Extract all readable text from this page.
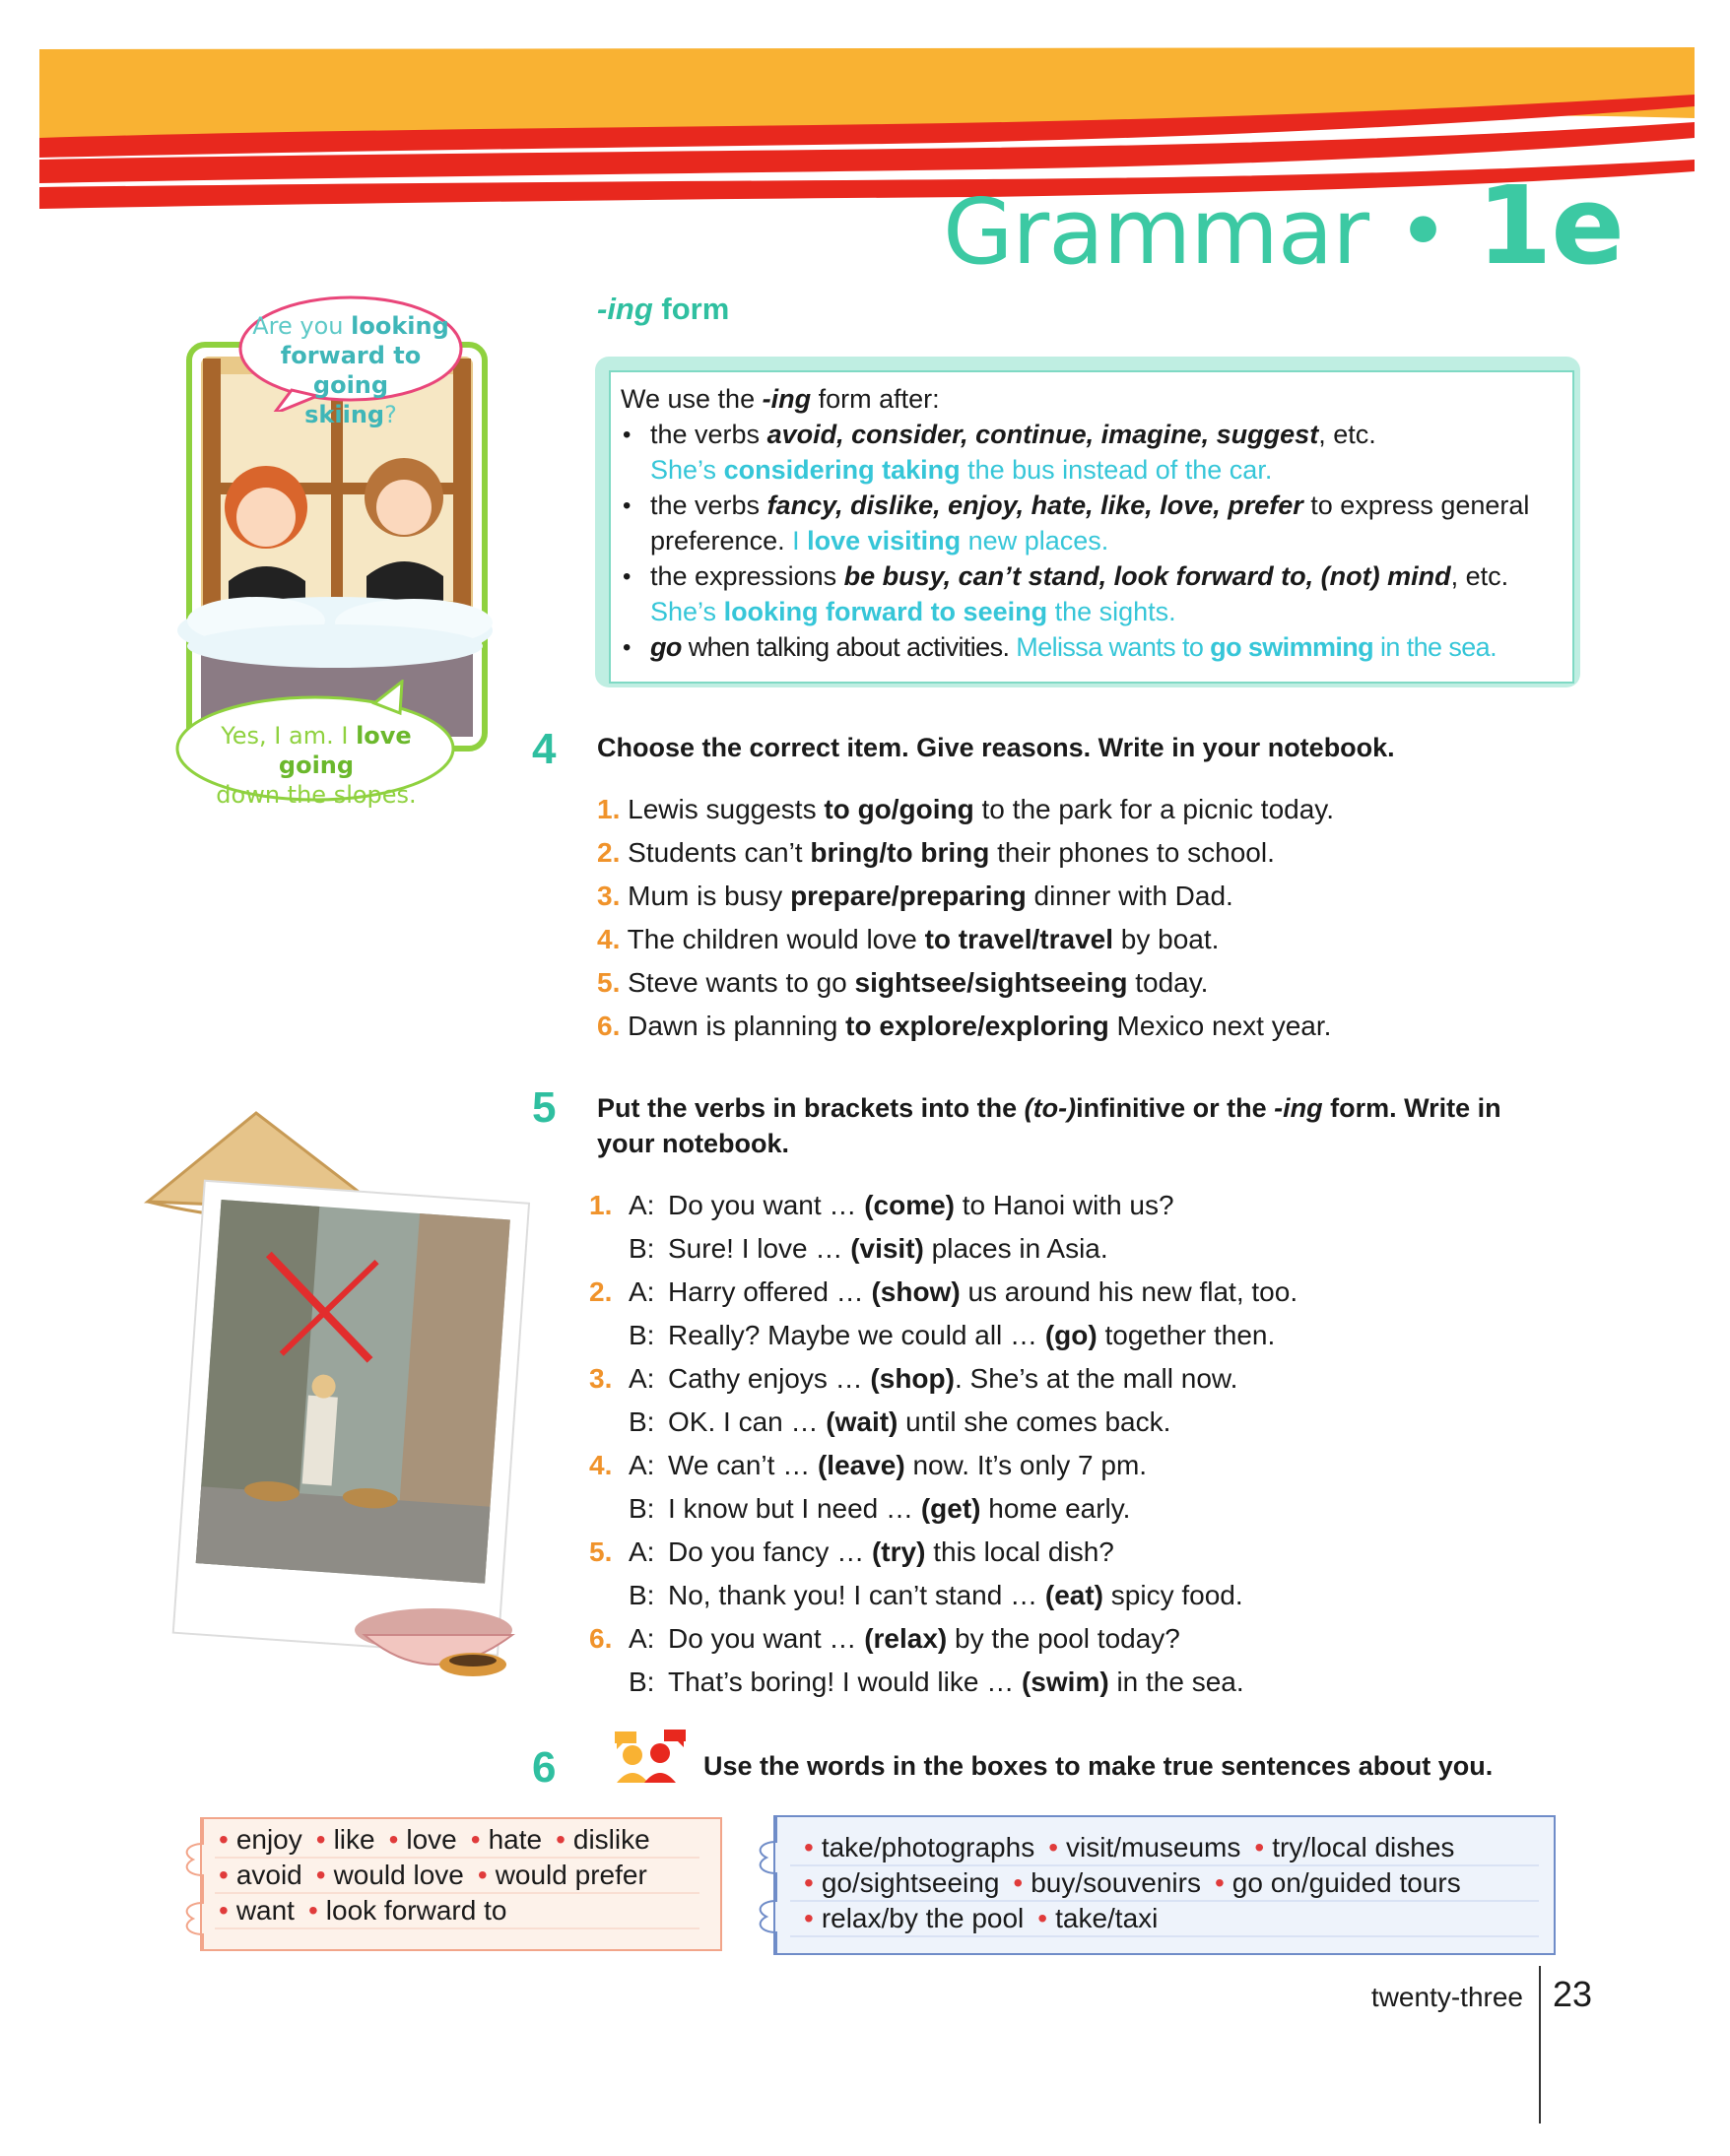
Grammar • 1e
Are you looking
forward to going
skiing?
Yes, I am. I love going
down the slopes.
-ing form
We use the -ing form after:
• the verbs avoid, consider, continue, imagine, suggest, etc.
She’s considering taking the bus instead of the car.
• the verbs fancy, dislike, enjoy, hate, like, love, prefer to express general
preference. I love visiting new places.
• the expressions be busy, can’t stand, look forward to, (not) mind, etc.
She’s looking forward to seeing the sights.
• go when talking about activities. Melissa wants to go swimming in the sea.
4 Choose the correct item. Give reasons. Write in your notebook.
1. Lewis suggests to go/going to the park for a picnic today.
2. Students can’t bring/to bring their phones to school.
3. Mum is busy prepare/preparing dinner with Dad.
4. The children would love to travel/travel by boat.
5. Steve wants to go sightsee/sightseeing today.
6. Dawn is planning to explore/exploring Mexico next year.
5 Put the verbs in brackets into the (to-)infinitive or the -ing form. Write in
your notebook.
1. A: Do you want … (come) to Hanoi with us?
B: Sure! I love … (visit) places in Asia.
2. A: Harry offered … (show) us around his new flat, too.
B: Really? Maybe we could all … (go) together then.
3. A: Cathy enjoys … (shop). She’s at the mall now.
B: OK. I can … (wait) until she comes back.
4. A: We can’t … (leave) now. It’s only 7 pm.
B: I know but I need … (get) home early.
5. A: Do you fancy … (try) this local dish?
B: No, thank you! I can’t stand … (eat) spicy food.
6. A: Do you want … (relax) by the pool today?
B: That’s boring! I would like … (swim) in the sea.
6	Use the words in the boxes to make true sentences about you.
• enjoy • like • love • hate • dislike
• avoid • would love • would prefer
• want • look forward to
• take/photographs • visit/museums • try/local dishes
• go/sightseeing • buy/souvenirs • go on/guided tours
• relax/by the pool • take/taxi
twenty-three 23
